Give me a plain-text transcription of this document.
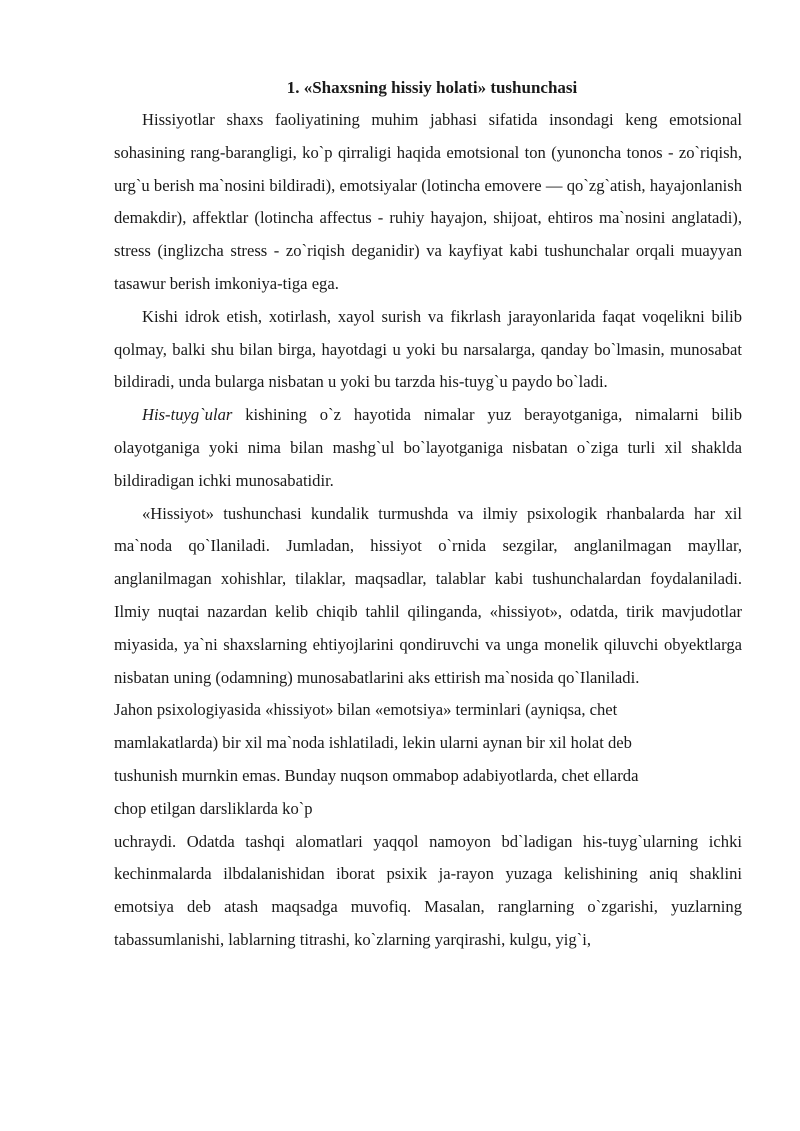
1. «Shaxsning hissiy holati» tushunchasi

Hissiyotlar shaxs faoliyatining muhim jabhasi sifatida insondagi keng emotsional sohasining rang-barangligi, ko`p qirraligi haqida emotsional ton (yunoncha tonos - zo`riqish, urg`u berish ma`nosini bildiradi), emotsiyalar (lotincha emovere — qo`zg`atish, hayajonlanish demakdir), affektlar (lotincha affectus - ruhiy hayajon, shijoat, ehtiros ma`nosini anglatadi), stress (inglizcha stress - zo`riqish deganidir) va kayfiyat kabi tushunchalar orqali muayyan tasawur berish imkoniya-tiga ega.

Kishi idrok etish, xotirlash, xayol surish va fikrlash jarayonlarida faqat voqelikni bilib qolmay, balki shu bilan birga, hayotdagi u yoki bu narsalarga, qanday bo`lmasin, munosabat bildiradi, unda bularga nisbatan u yoki bu tarzda his-tuyg`u paydo bo`ladi.

His-tuyg`ular kishining o`z hayotida nimalar yuz berayotganiga, nimalarni bilib olayotganiga yoki nima bilan mashg`ul bo`layotganiga nisbatan o`ziga turli xil shaklda bildiradigan ichki munosabatidir.

«Hissiyot» tushunchasi kundalik turmushda va ilmiy psixologik rhanbalarda har xil ma`noda qo`Ilaniladi. Jumladan, hissiyot o`rnida sezgilar, anglanilmagan mayllar, anglanilmagan xohishlar, tilaklar, maqsadlar, talablar kabi tushunchalardan foydalaniladi. Ilmiy nuqtai nazardan kelib chiqib tahlil qilinganda, «hissiyot», odatda, tirik mavjudotlar miyasida, ya`ni shaxslarning ehtiyojlarini qondiruvchi va unga monelik qiluvchi obyektlarga nisbatan uning (odamning) munosabatlarini aks ettirish ma`nosida qo`Ilaniladi.

Jahon psixologiyasida «hissiyot» bilan «emotsiya» terminlari (ayniqsa, chet

mamlakatlarda) bir xil ma`noda ishlatiladi, lekin ularni aynan bir xil holat deb

tushunish murnkin emas. Bunday nuqson ommabop adabiyotlarda, chet ellarda

chop etilgan darsliklarda ko`p

uchraydi. Odatda tashqi alomatlari yaqqol namoyon bd`ladigan his-tuyg`ularning ichki kechinmalarda ilbdalanishidan iborat psixik ja-rayon yuzaga kelishining aniq shaklini emotsiya deb atash maqsadga muvofiq. Masalan, ranglarning o`zgarishi, yuzlarning tabassumlanishi, lablarning titrashi, ko`zlarning yarqirashi, kulgu, yig`i,
